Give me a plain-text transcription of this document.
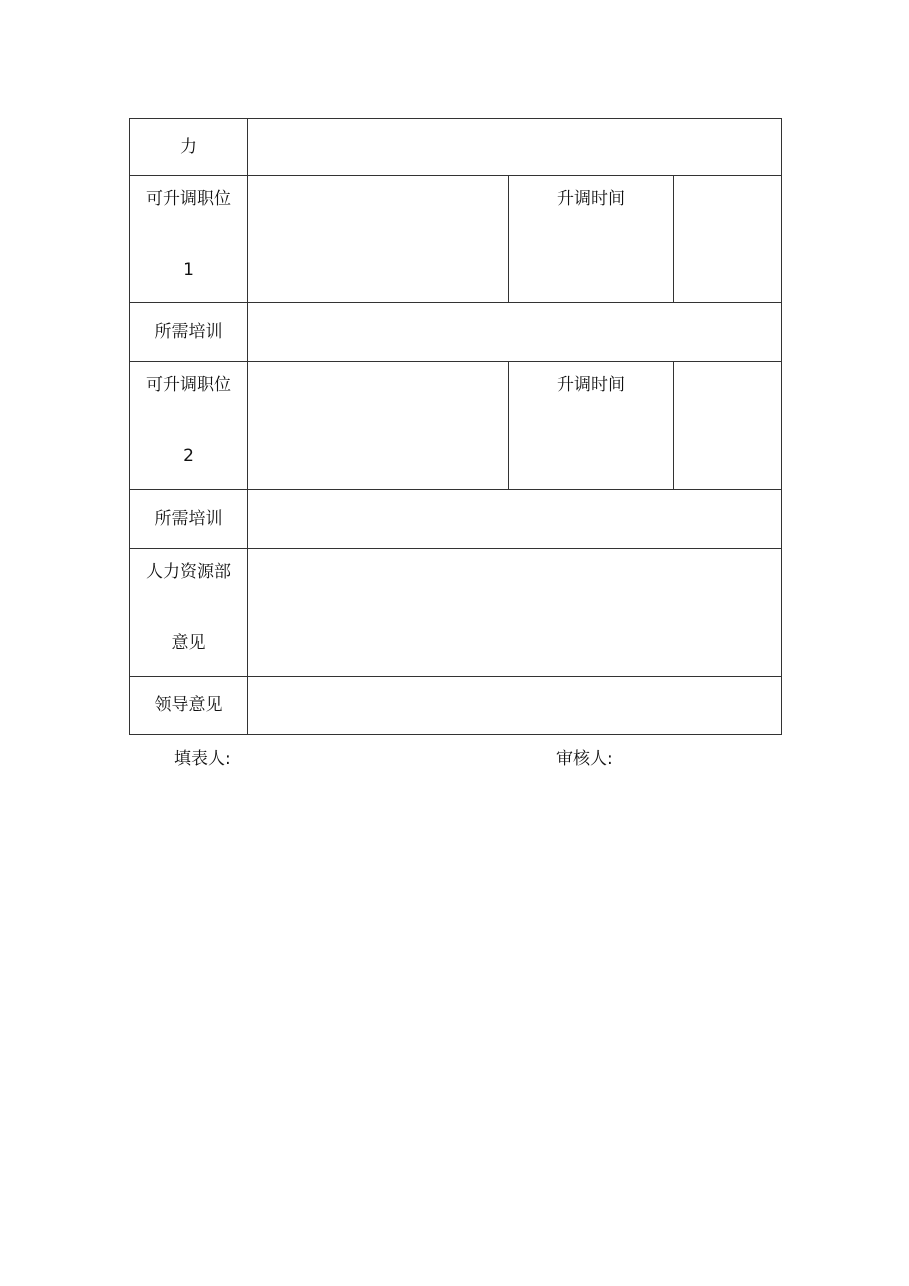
力			

可升调职位
1		升调时间	

所需培训			

可升调职位
2		升调时间	

所需培训			

人力资源部
意见			

领导意见			
填表人:	审核人:
